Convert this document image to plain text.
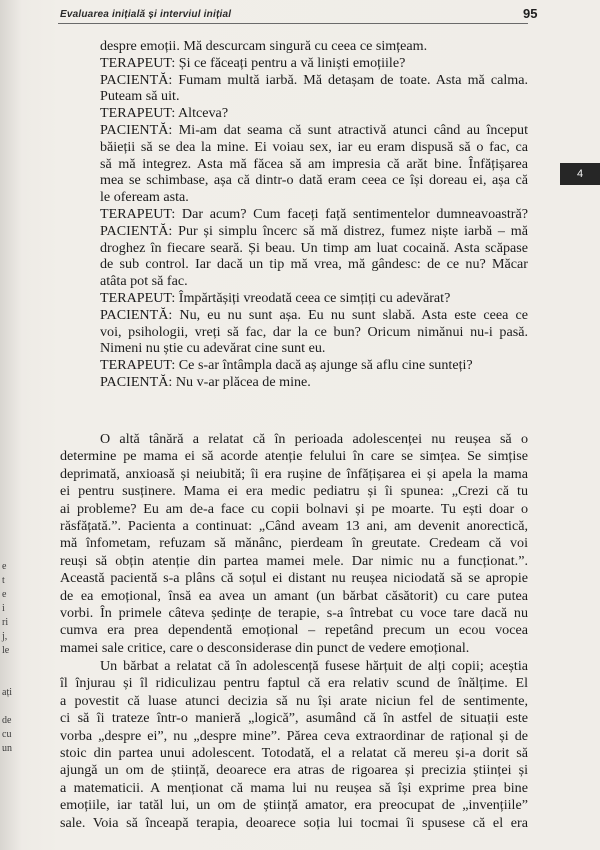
Evaluarea inițială și interviul inițial	95
4
despre emoții. Mă descurcam singură cu ceea ce simțeam.
TERAPEUT: Și ce făceați pentru a vă liniști emoțiile?
PACIENTĂ: Fumam multă iarbă. Mă detașam de toate. Asta mă calma.
Puteam să uit.
TERAPEUT: Altceva?
PACIENTĂ: Mi-am dat seama că sunt atractivă atunci când au început
băieții să se dea la mine. Ei voiau sex, iar eu eram dispusă să o fac, ca
să mă integrez. Asta mă făcea să am impresia că arăt bine. Înfățișarea
mea se schimbase, așa că dintr-o dată eram ceea ce își doreau ei, așa că
le ofeream asta.
TERAPEUT: Dar acum? Cum faceți față sentimentelor dumneavoastră?
PACIENTĂ: Pur și simplu încerc să mă distrez, fumez niște iarbă – mă
droghez în fiecare seară. Și beau. Un timp am luat cocaină. Asta scăpase
de sub control. Iar dacă un tip mă vrea, mă gândesc: de ce nu? Măcar
atâta pot să fac.
TERAPEUT: Împărtășiți vreodată ceea ce simțiți cu adevărat?
PACIENTĂ: Nu, eu nu sunt așa. Eu nu sunt slabă. Asta este ceea ce
voi, psihologii, vreți să fac, dar la ce bun? Oricum nimănui nu-i pasă.
Nimeni nu știe cu adevărat cine sunt eu.
TERAPEUT: Ce s-ar întâmpla dacă aș ajunge să aflu cine sunteți?
PACIENTĂ: Nu v-ar plăcea de mine.
O altă tânără a relatat că în perioada adolescenței nu reușea să o
determine pe mama ei să acorde atenție felului în care se simțea. Se simțise
deprimată, anxioasă și neiubită; îi era rușine de înfățișarea ei și apela la mama
ei pentru susținere. Mama ei era medic pediatru și îi spunea: „Crezi că tu
ai probleme? Eu am de-a face cu copii bolnavi și pe moarte. Tu ești doar o
răsfățată.”. Pacienta a continuat: „Când aveam 13 ani, am devenit anorectică,
mă înfometam, refuzam să mănânc, pierdeam în greutate. Credeam că voi
reuși să obțin atenție din partea mamei mele. Dar nimic nu a funcționat.”.
Această pacientă s-a plâns că soțul ei distant nu reușea niciodată să se apropie
de ea emoțional, însă ea avea un amant (un bărbat căsătorit) cu care putea
vorbi. În primele câteva ședințe de terapie, s-a întrebat cu voce tare dacă nu
cumva era prea dependentă emoțional – repetând precum un ecou vocea
mamei sale critice, care o desconsiderase din punct de vedere emoțional.
Un bărbat a relatat că în adolescență fusese hărțuit de alți copii; aceștia
îl înjurau și îl ridiculizau pentru faptul că era relativ scund de înălțime. El
a povestit că luase atunci decizia să nu își arate niciun fel de sentimente,
ci să îi trateze într-o manieră „logică”, asumând că în astfel de situații este
vorba „despre ei”, nu „despre mine”. Părea ceva extraordinar de rațional și de
stoic din partea unui adolescent. Totodată, el a relatat că mereu și-a dorit să
ajungă un om de știință, deoarece era atras de rigoarea și precizia științei și
a matematicii. A menționat că mama lui nu reușea să își exprime prea bine
emoțiile, iar tatăl lui, un om de știință amator, era preocupat de „invențiile”
sale. Voia să înceapă terapia, deoarece soția lui tocmai îi spusese că el era
e
t
e
i
ri
j,
le

ați

de
cu
un
